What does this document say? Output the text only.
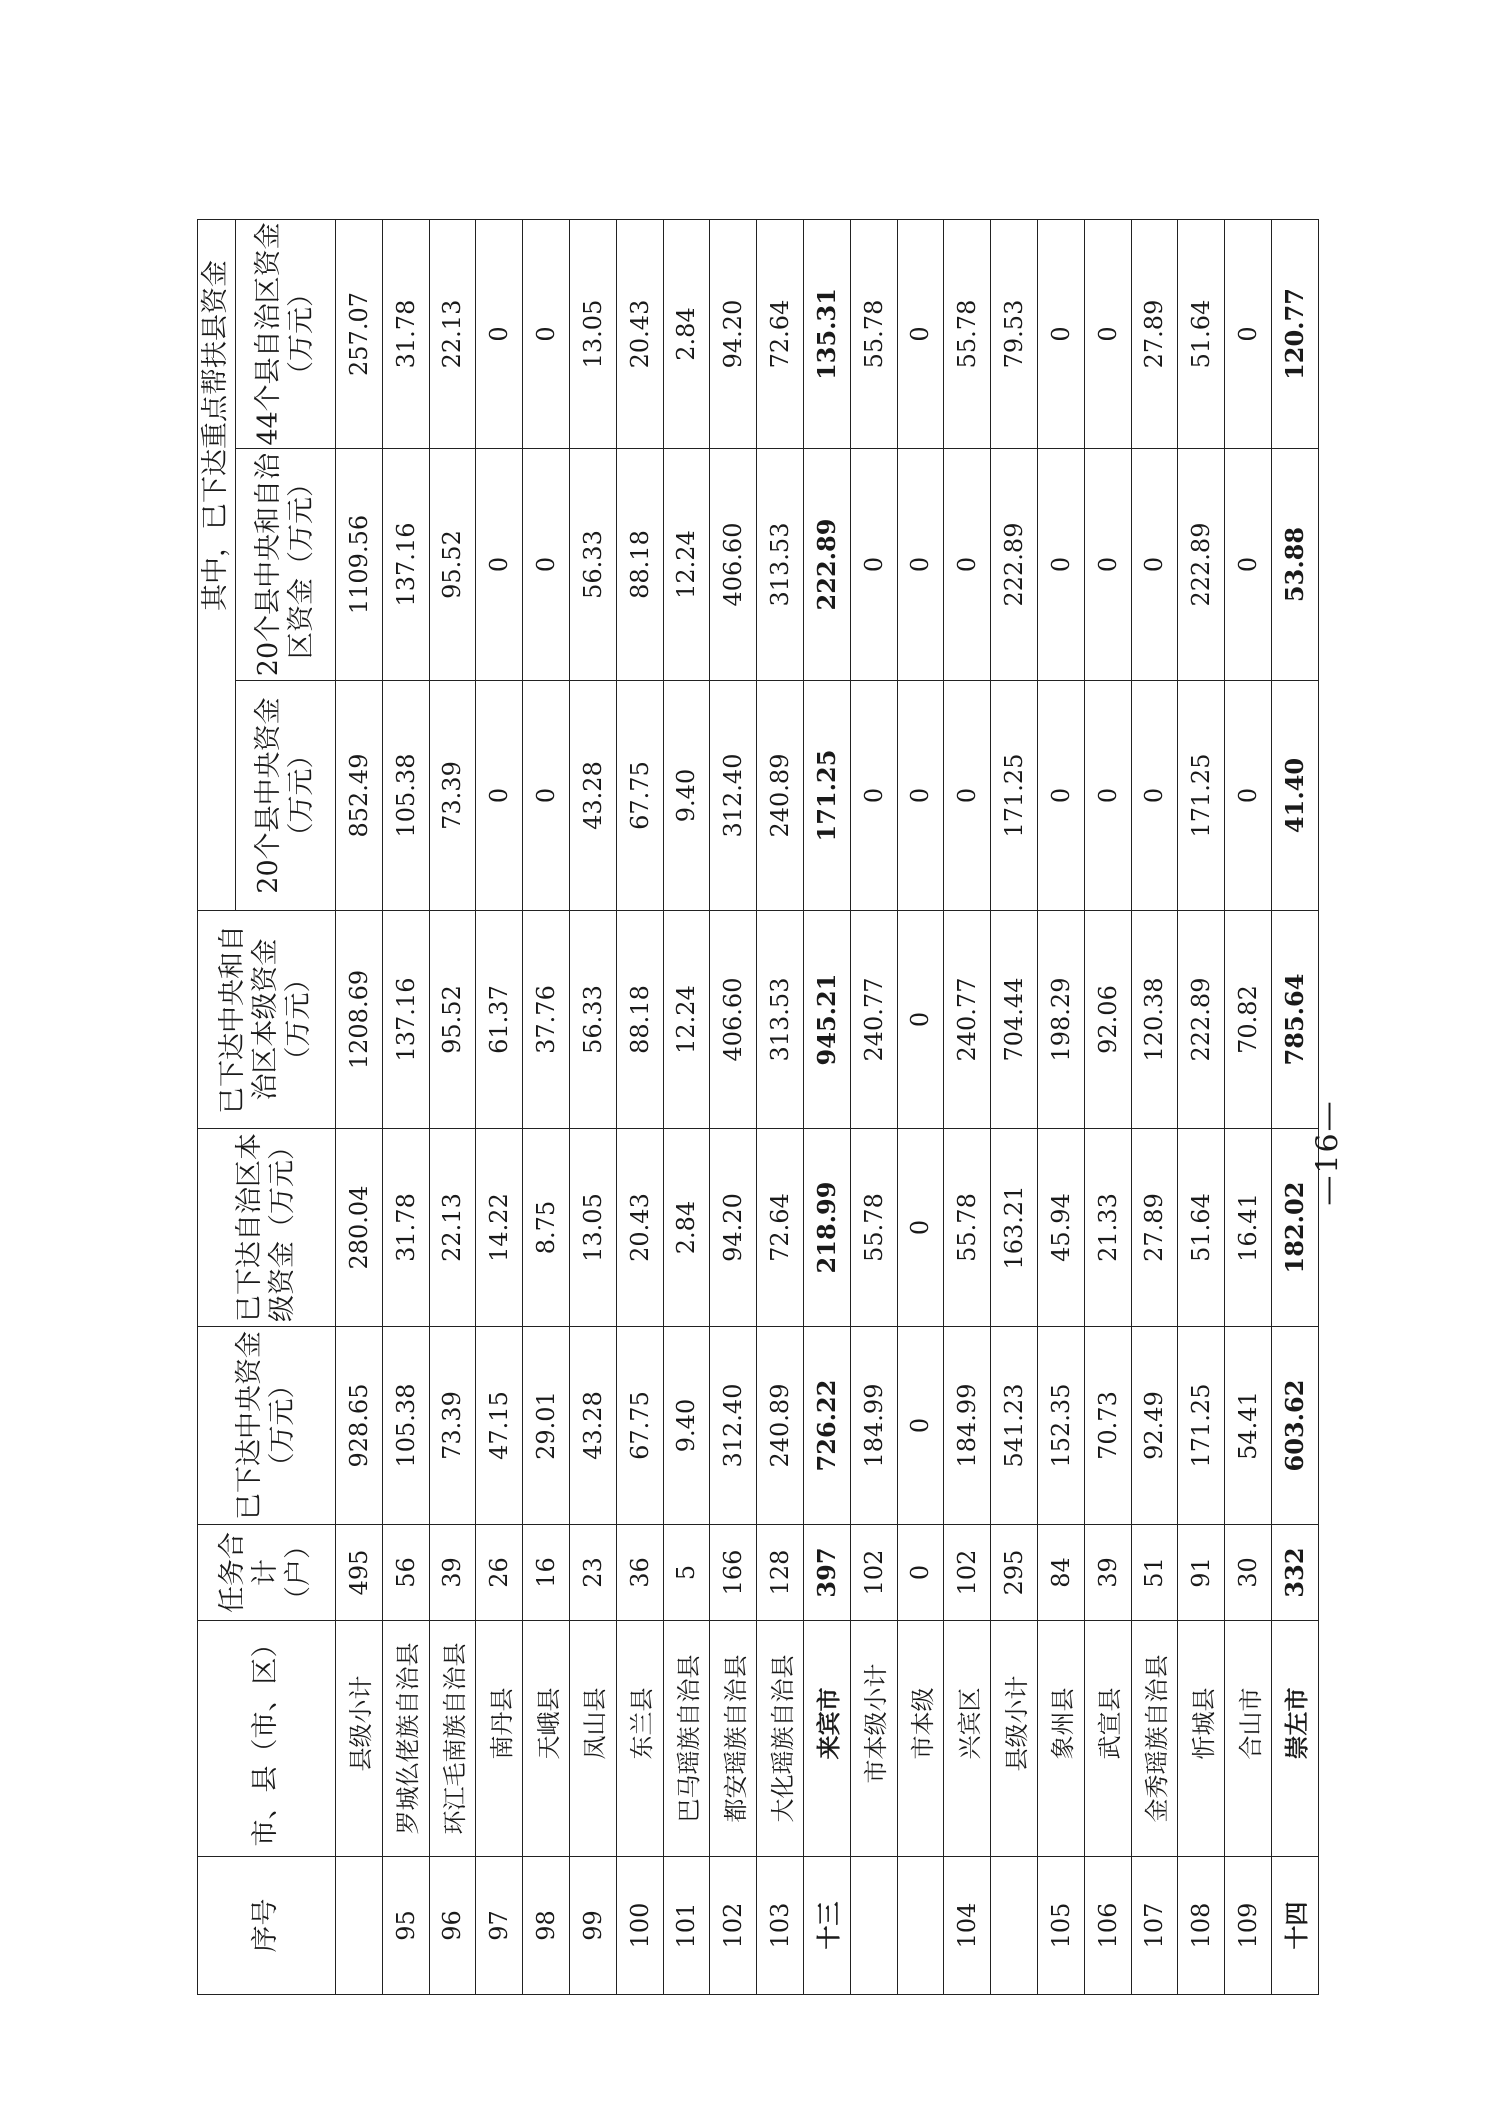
序号	市、县（市、区）	任务合计（户）	已下达中央资金（万元）	已下达自治区本级资金（万元）	已下达中央和自治区本级资金（万元）	其中，已下达重点帮扶县资金		
						20个县中央资金（万元）	20个县中央和自治区资金（万元）	44个县自治区资金（万元）
	县级小计	495	928.65	280.04	1208.69	852.49	1109.56	257.07
95	罗城仫佬族自治县	56	105.38	31.78	137.16	105.38	137.16	31.78
96	环江毛南族自治县	39	73.39	22.13	95.52	73.39	95.52	22.13
97	南丹县	26	47.15	14.22	61.37	0	0	0
98	天峨县	16	29.01	8.75	37.76	0	0	0
99	凤山县	23	43.28	13.05	56.33	43.28	56.33	13.05
100	东兰县	36	67.75	20.43	88.18	67.75	88.18	20.43
101	巴马瑶族自治县	5	9.40	2.84	12.24	9.40	12.24	2.84
102	都安瑶族自治县	166	312.40	94.20	406.60	312.40	406.60	94.20
103	大化瑶族自治县	128	240.89	72.64	313.53	240.89	313.53	72.64
十三	来宾市	397	726.22	218.99	945.21	171.25	222.89	135.31
	市本级小计	102	184.99	55.78	240.77	0	0	55.78
	市本级	0	0	0	0	0	0	0
104	兴宾区	102	184.99	55.78	240.77	0	0	55.78
	县级小计	295	541.23	163.21	704.44	171.25	222.89	79.53
105	象州县	84	152.35	45.94	198.29	0	0	0
106	武宣县	39	70.73	21.33	92.06	0	0	0
107	金秀瑶族自治县	51	92.49	27.89	120.38	0	0	27.89
108	忻城县	91	171.25	51.64	222.89	171.25	222.89	51.64
109	合山市	30	54.41	16.41	70.82	0	0	0
十四	崇左市	332	603.62	182.02	785.64	41.40	53.88	120.77
—16—
